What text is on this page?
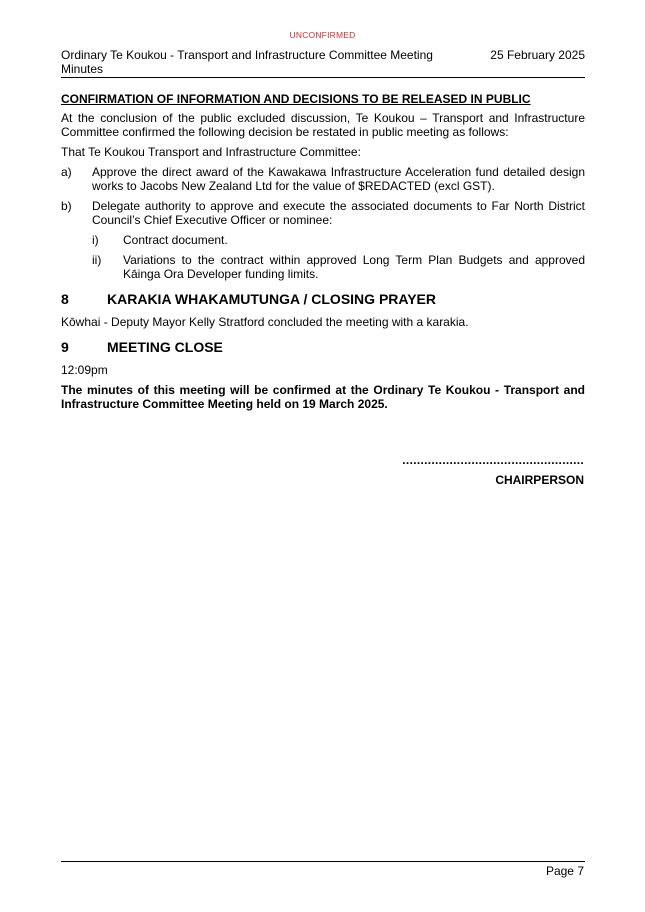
UNCONFIRMED
Ordinary Te Koukou - Transport and Infrastructure Committee Meeting Minutes
25 February 2025
CONFIRMATION OF INFORMATION AND DECISIONS TO BE RELEASED IN PUBLIC

At the conclusion of the public excluded discussion, Te Koukou – Transport and Infrastructure Committee confirmed the following decision be restated in public meeting as follows:

That Te Koukou Transport and Infrastructure Committee:

a)	Approve the direct award of the Kawakawa Infrastructure Acceleration fund detailed design works to Jacobs New Zealand Ltd for the value of $REDACTED (excl GST).
b)	Delegate authority to approve and execute the associated documents to Far North District Council’s Chief Executive Officer or nominee:
i)	Contract document.
ii)	Variations to the contract within approved Long Term Plan Budgets and approved Kāinga Ora Developer funding limits.
8	KARAKIA WHAKAMUTUNGA / CLOSING PRAYER

Kōwhai - Deputy Mayor Kelly Stratford concluded the meeting with a karakia.

9	MEETING CLOSE

12:09pm

The minutes of this meeting will be confirmed at the Ordinary Te Koukou - Transport and Infrastructure Committee Meeting held on 19 March 2025.

..................................................
CHAIRPERSON
Page 7
